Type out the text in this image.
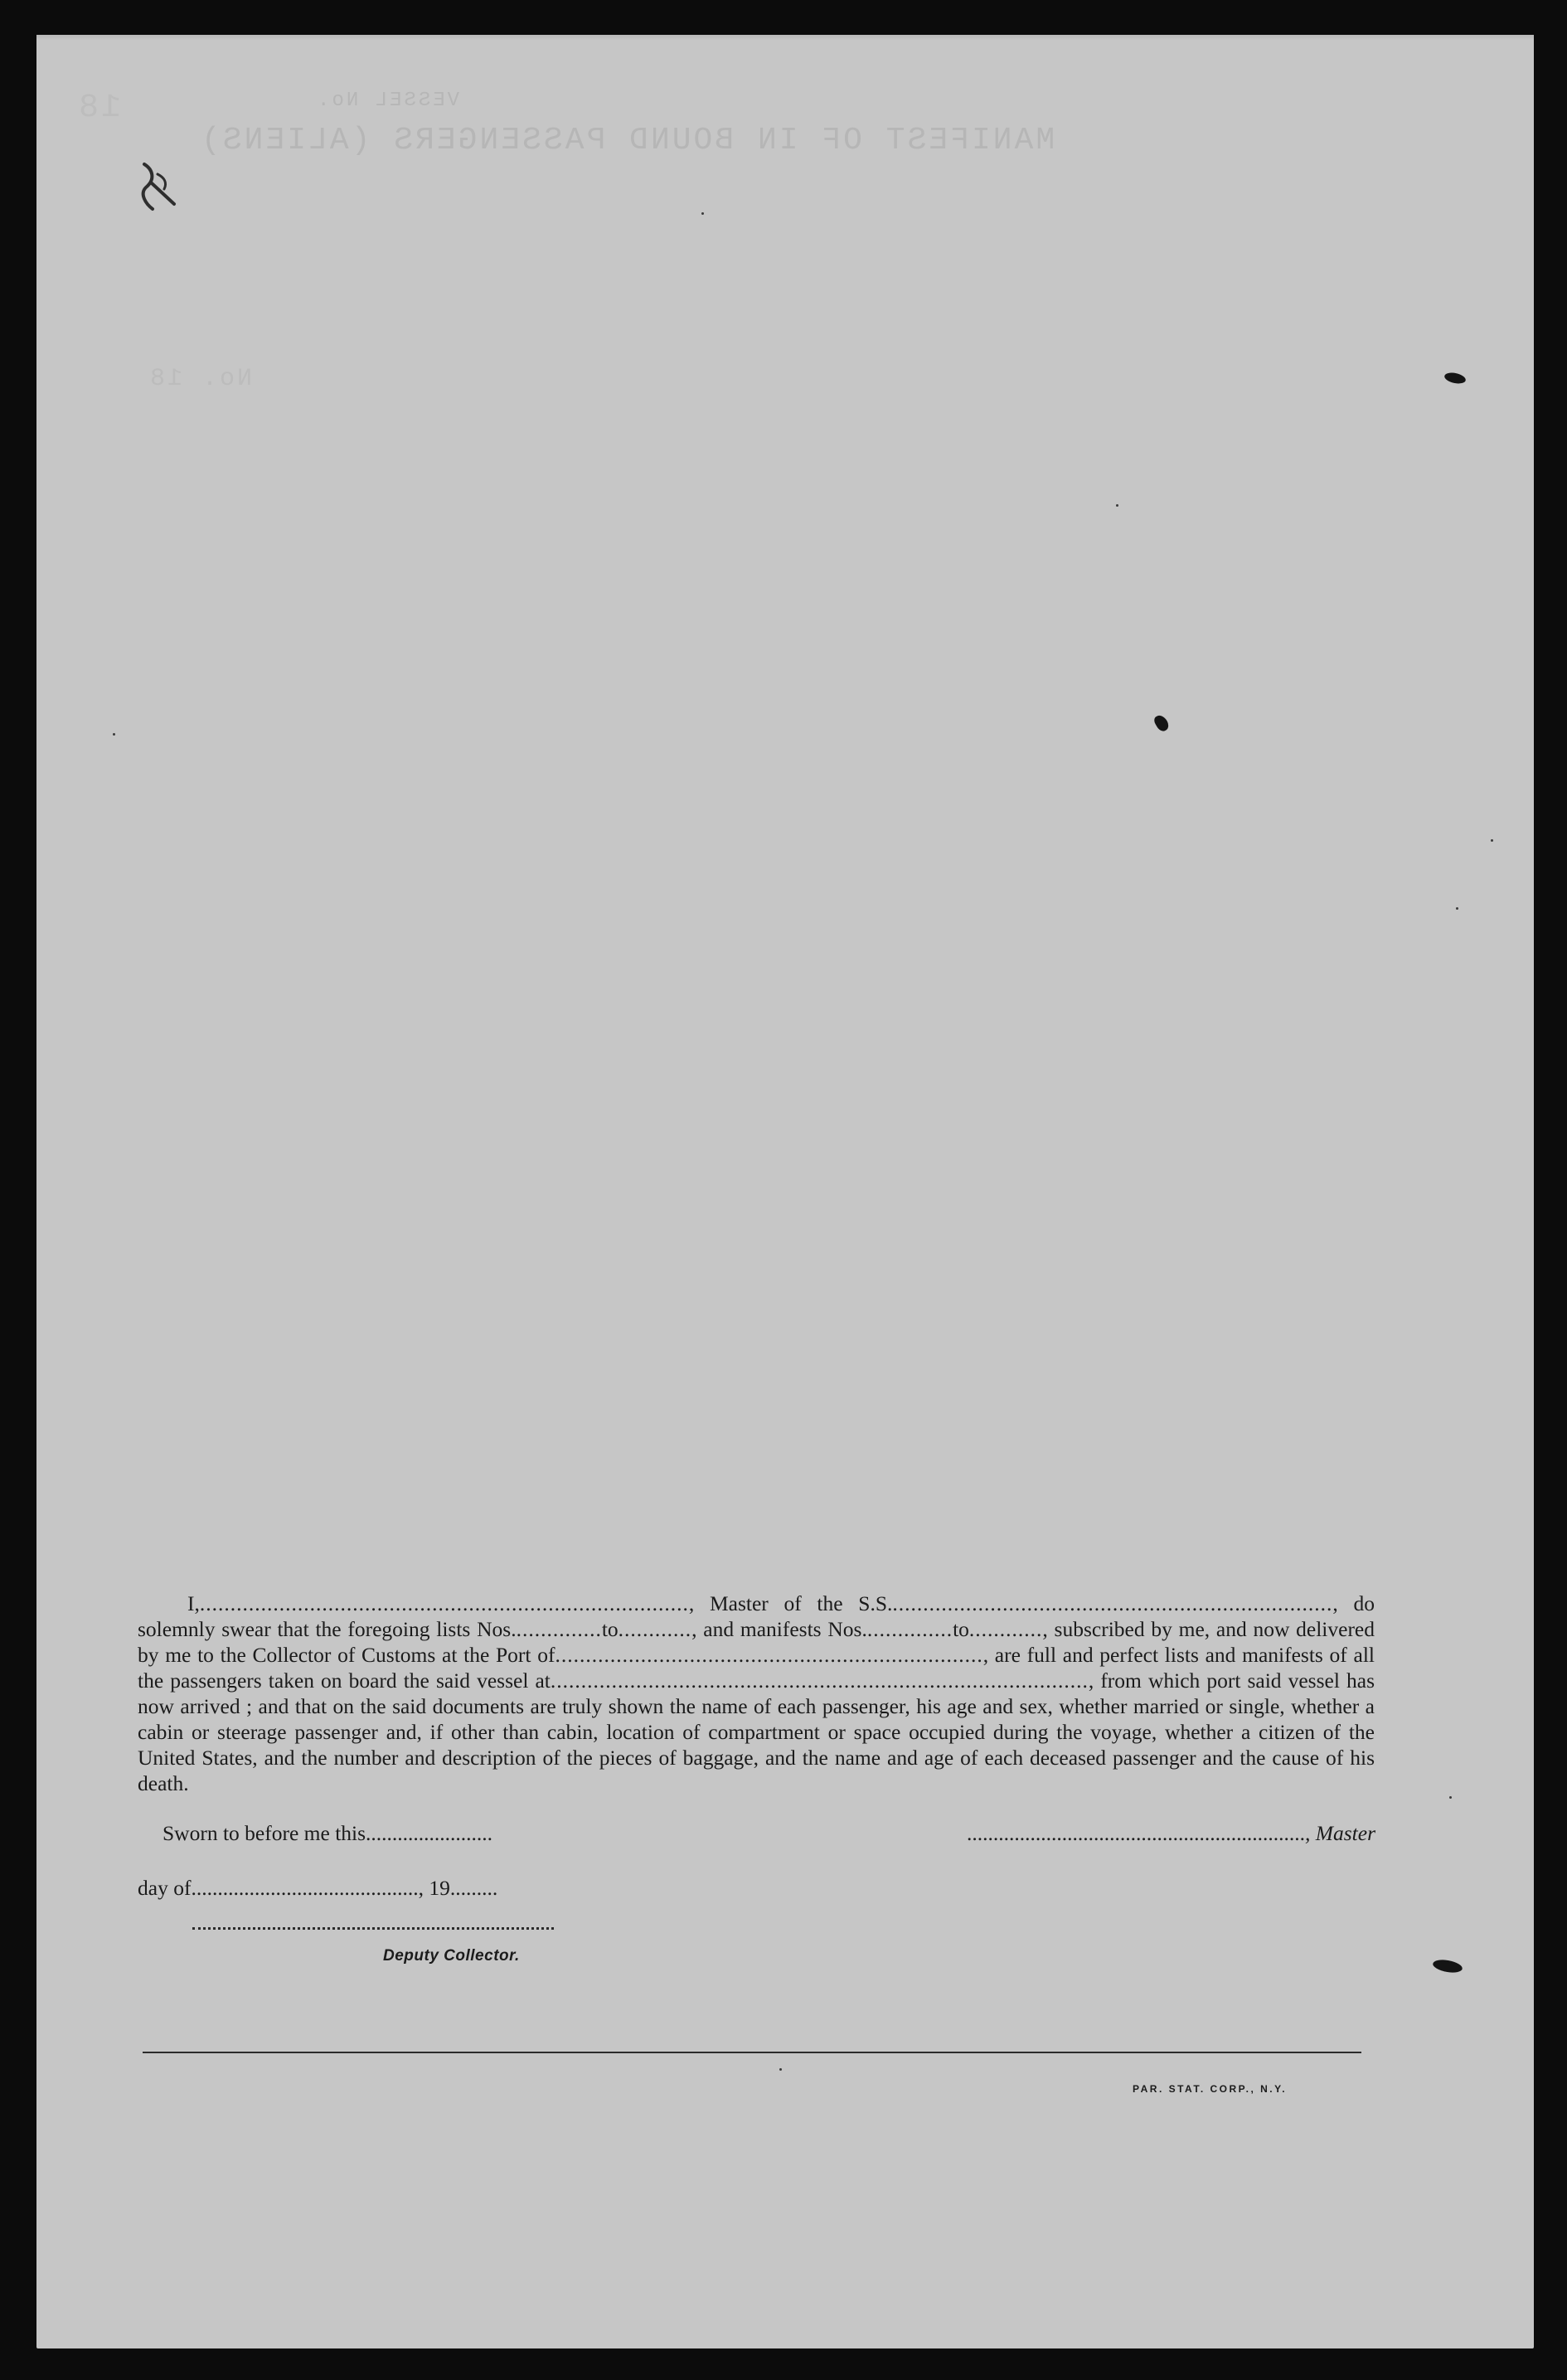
VESSEL No.
MANIFEST OF IN BOUND PASSENGERS (ALIENS)
No. 18
18

I,................................................................................, Master of the S.S........................................................................., do solemnly swear that the foregoing lists Nos...............to............, and manifests Nos...............to............, subscribed by me, and now delivered by me to the Collector of Customs at the Port of......................................................................, are full and perfect lists and manifests of all the passengers taken on board the said vessel at........................................................................................, from which port said vessel has now arrived ; and that on the said documents are truly shown the name of each passenger, his age and sex, whether married or single, whether a cabin or steerage passenger and, if other than cabin, location of compartment or space occupied during the voyage, whether a citizen of the United States, and the number and description of the pieces of baggage, and the name and age of each deceased passenger and the cause of his death.

Sworn to before me this........................	................................................................, Master
day of..........................................., 19.........
Deputy Collector.
PAR. STAT. CORP., N.Y.
